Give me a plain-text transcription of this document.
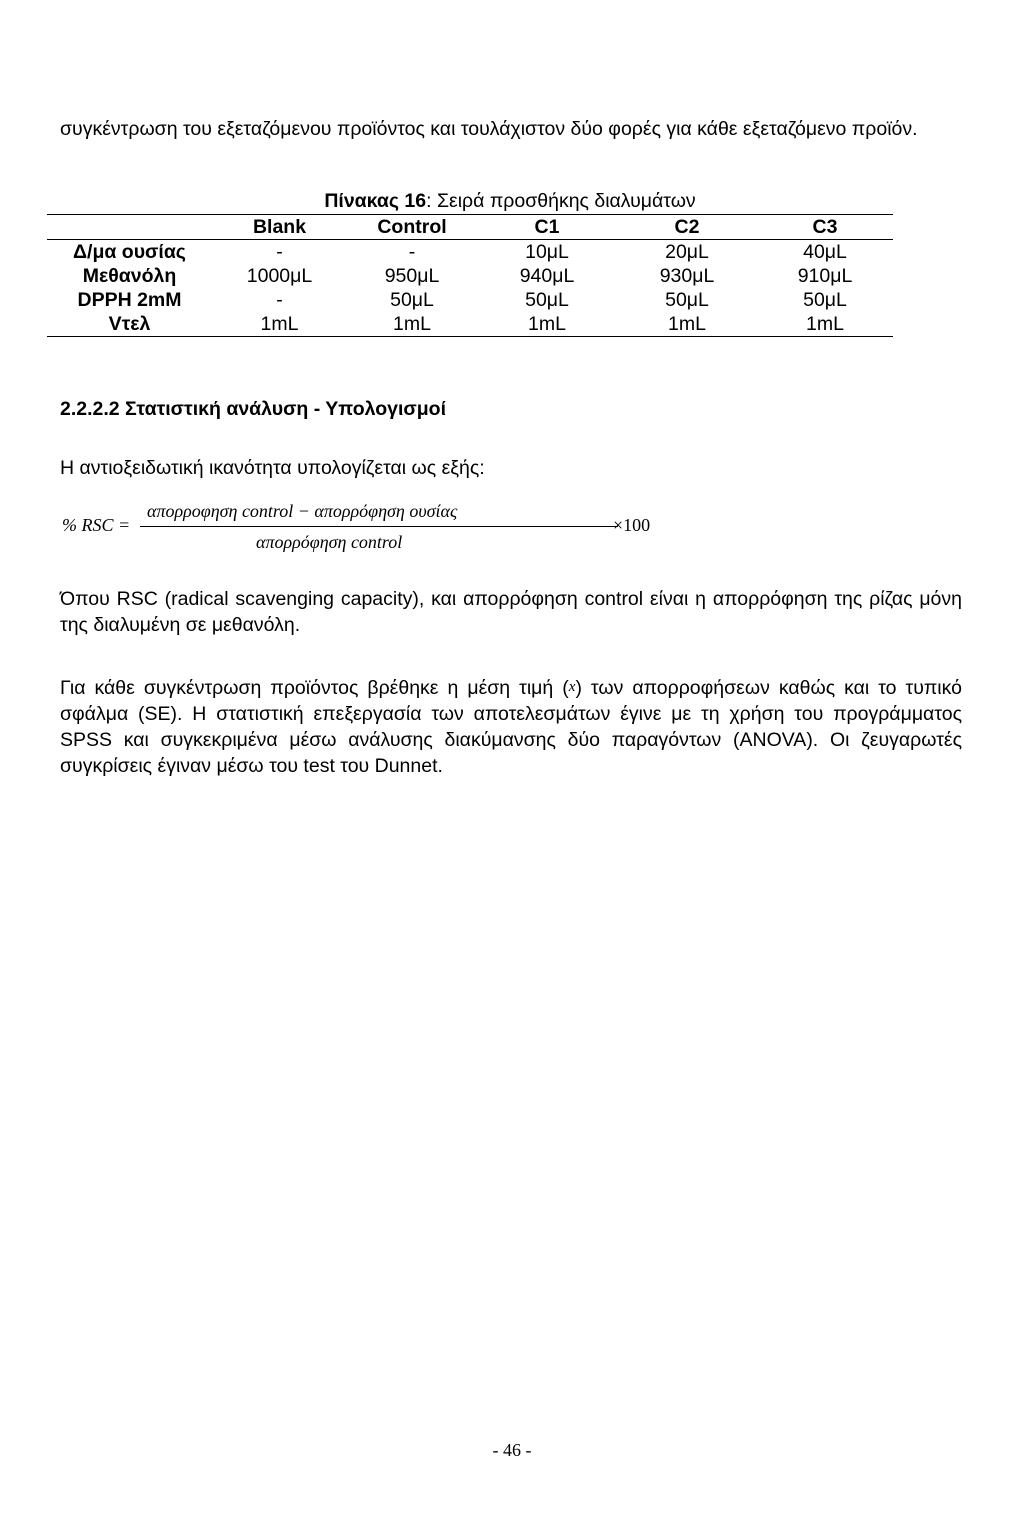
συγκέντρωση του εξεταζόμενου προϊόντος και τουλάχιστον δύο φορές για κάθε εξεταζόμενο προϊόν.
Πίνακας 16: Σειρά προσθήκης διαλυμάτων
	Blank	Control	C1	C2	C3
Δ/μα ουσίας	-	-	10μL	20μL	40μL
Μεθανόλη	1000μL	950μL	940μL	930μL	910μL
DPPH 2mM	-	50μL	50μL	50μL	50μL
Vτελ	1mL	1mL	1mL	1mL	1mL
2.2.2.2 Στατιστική ανάλυση - Υπολογισμοί
Η αντιοξειδωτική ικανότητα υπολογίζεται ως εξής:
% RSC =
απορροφηση control − απορρόφηση ουσίας
απορρόφηση control
×100
Όπου RSC (radical scavenging capacity), και απορρόφηση control είναι η απορρόφηση της ρίζας μόνη της διαλυμένη σε μεθανόλη.
Για κάθε συγκέντρωση προϊόντος βρέθηκε η μέση τιμή (x) των απορροφήσεων καθώς και το τυπικό σφάλμα (SE). Η στατιστική επεξεργασία των αποτελεσμάτων έγινε με τη χρήση του προγράμματος SPSS και συγκεκριμένα μέσω ανάλυσης διακύμανσης δύο παραγόντων (ANOVA). Οι ζευγαρωτές συγκρίσεις έγιναν μέσω του test του Dunnet.
- 46 -
